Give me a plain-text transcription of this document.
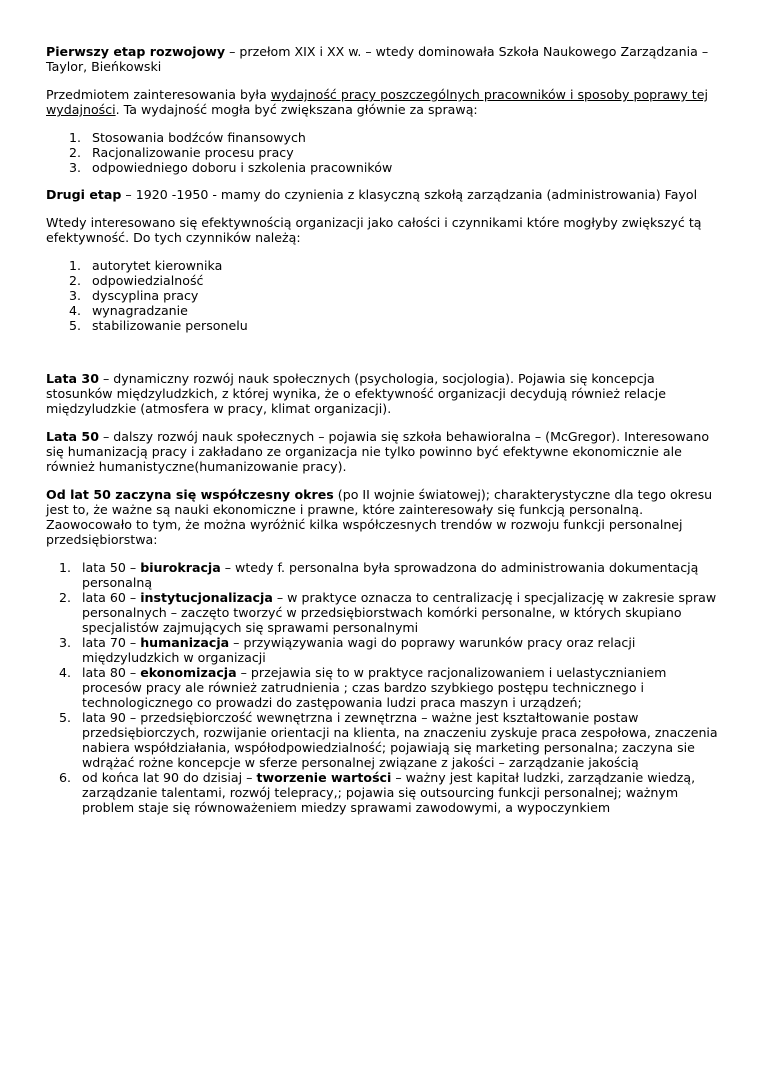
Pierwszy etap rozwojowy – przełom XIX i XX w. – wtedy dominowała Szkoła Naukowego Zarządzania – Taylor, Bieńkowski

Przedmiotem zainteresowania była wydajność pracy poszczególnych pracowników i sposoby poprawy tej wydajności. Ta wydajność mogła być zwiększana głównie za sprawą:

1. Stosowania bodźców finansowych
2. Racjonalizowanie procesu pracy
3. odpowiedniego doboru i szkolenia pracowników

Drugi etap – 1920 -1950 - mamy do czynienia z klasyczną szkołą zarządzania (administrowania) Fayol

Wtedy interesowano się efektywnością organizacji jako całości i czynnikami które mogłyby zwiększyć tą efektywność. Do tych czynników należą:

1. autorytet kierownika
2. odpowiedzialność
3. dyscyplina pracy
4. wynagradzanie
5. stabilizowanie personelu

Lata 30 – dynamiczny rozwój nauk społecznych (psychologia, socjologia). Pojawia się koncepcja stosunków międzyludzkich, z której wynika, że o efektywność organizacji decydują również relacje międzyludzkie (atmosfera w pracy, klimat organizacji).

Lata 50 – dalszy rozwój nauk społecznych – pojawia się szkoła behawioralna – (McGregor). Interesowano się humanizacją pracy i zakładano ze organizacja nie tylko powinno być efektywne ekonomicznie ale również humanistyczne(humanizowanie pracy).

Od lat 50 zaczyna się współczesny okres (po II wojnie światowej); charakterystyczne dla tego okresu jest to, że ważne są nauki ekonomiczne i prawne, które zainteresowały się funkcją personalną. Zaowocowało to tym, że można wyróżnić kilka współczesnych trendów w rozwoju funkcji personalnej przedsiębiorstwa:

1. lata 50 – biurokracja – wtedy f. personalna była sprowadzona do administrowania dokumentacją personalną
2. lata 60 – instytucjonalizacja – w praktyce oznacza to centralizację i specjalizację w zakresie spraw personalnych – zaczęto tworzyć w przedsiębiorstwach komórki personalne, w których skupiano specjalistów zajmujących się sprawami personalnymi
3. lata 70 – humanizacja – przywiązywania wagi do poprawy warunków pracy oraz relacji międzyludzkich w organizacji
4. lata 80 – ekonomizacja – przejawia się to w praktyce racjonalizowaniem i uelastycznianiem procesów pracy ale również zatrudnienia ; czas bardzo szybkiego postępu technicznego i technologicznego co prowadzi do zastępowania ludzi praca maszyn i urządzeń;
5. lata 90 – przedsiębiorczość wewnętrzna i zewnętrzna – ważne jest kształtowanie postaw przedsiębiorczych, rozwijanie orientacji na klienta, na znaczeniu zyskuje praca zespołowa, znaczenia nabiera współdziałania, współodpowiedzialność; pojawiają się marketing personalna; zaczyna sie wdrążać rożne koncepcje w sferze personalnej związane z jakości – zarządzanie jakością
6. od końca lat 90 do dzisiaj – tworzenie wartości – ważny jest kapitał ludzki, zarządzanie wiedzą, zarządzanie talentami, rozwój telepracy,; pojawia się outsourcing funkcji personalnej; ważnym problem staje się równoważeniem miedzy sprawami zawodowymi, a wypoczynkiem
